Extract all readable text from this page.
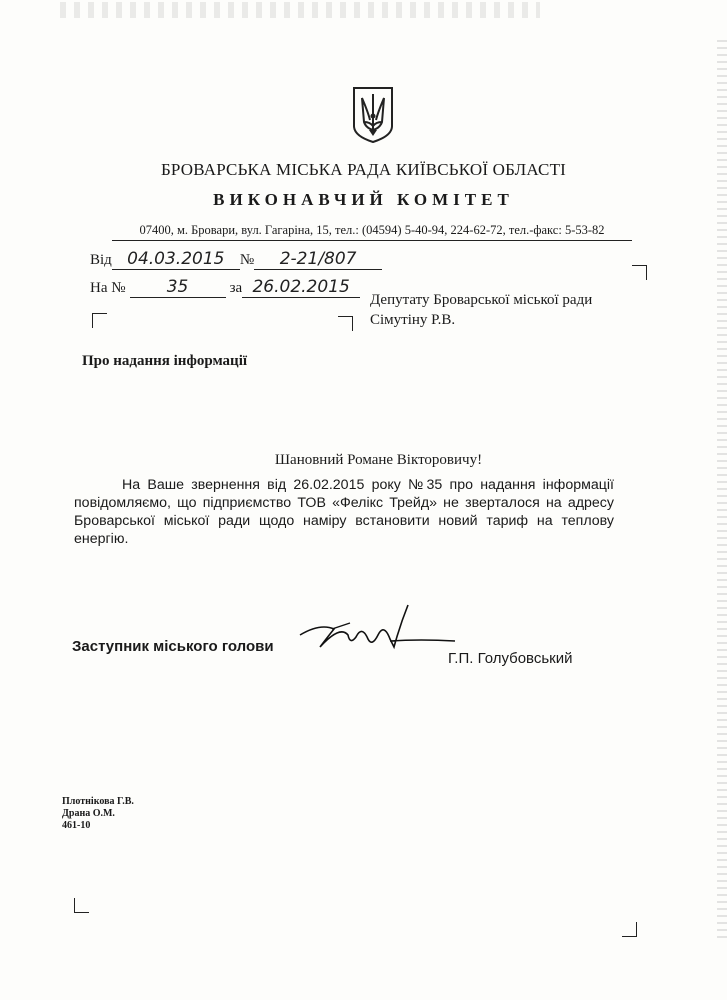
БРОВАРСЬКА МІСЬКА РАДА КИЇВСЬКОЇ ОБЛАСТІ
ВИКОНАВЧИЙ КОМІТЕТ
07400, м. Бровари, вул. Гагаріна, 15, тел.: (04594) 5-40-94, 224-62-72, тел.-факс: 5-53-82
Від 04.03.2015 № 2-21/807
На № 35	за 26.02.2015
Депутату Броварської міської ради
Сімутіну Р.В.
Про надання інформації
Шановний Романе Вікторовичу!
На Ваше звернення від 26.02.2015 року №35 про надання інформації повідомляємо, що підприємство ТОВ «Фелікс Трейд» не зверталося на адресу Броварської міської ради щодо наміру встановити новий тариф на теплову енергію.
Заступник міського голови
Г.П. Голубовський
Плотнікова Г.В.
Драна О.М.
461-10
